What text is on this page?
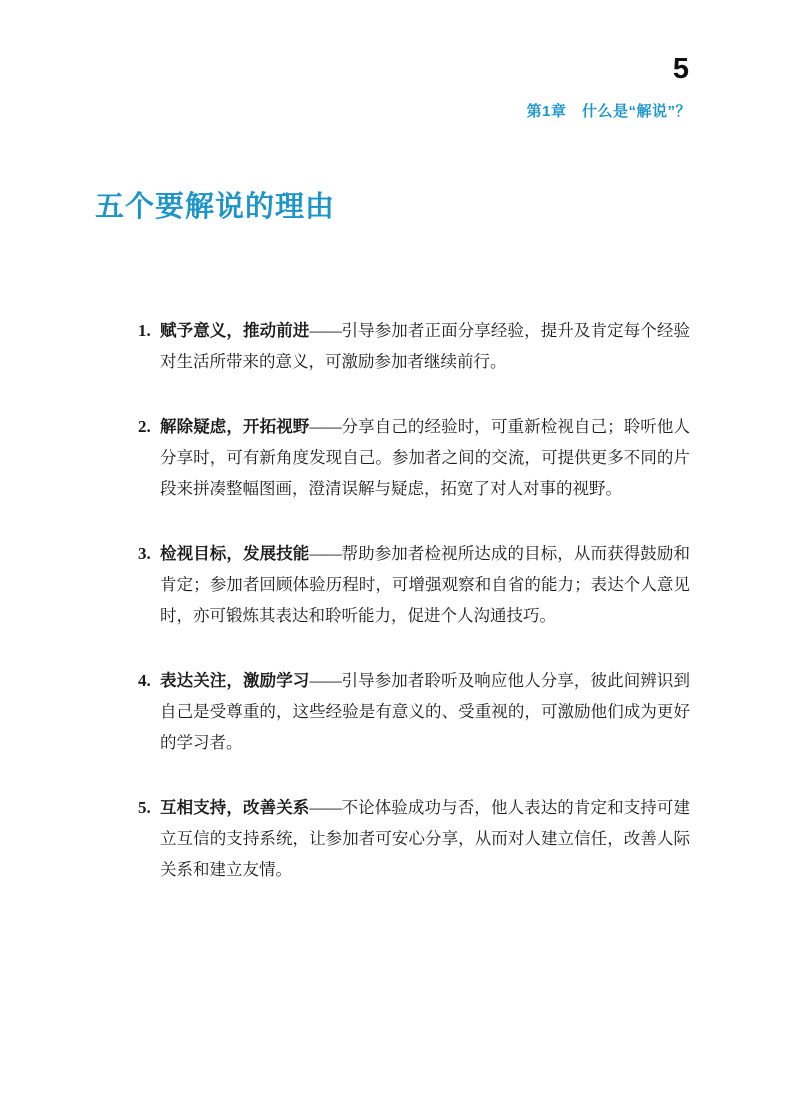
5
第1章　什么是“解说”？
五个要解说的理由
1. 赋予意义，推动前进——引导参加者正面分享经验，提升及肯定每个经验对生活所带来的意义，可激励参加者继续前行。

2. 解除疑虑，开拓视野——分享自己的经验时，可重新检视自己；聆听他人分享时，可有新角度发现自己。参加者之间的交流，可提供更多不同的片段来拼凑整幅图画，澄清误解与疑虑，拓宽了对人对事的视野。

3. 检视目标，发展技能——帮助参加者检视所达成的目标，从而获得鼓励和肯定；参加者回顾体验历程时，可增强观察和自省的能力；表达个人意见时，亦可锻炼其表达和聆听能力，促进个人沟通技巧。

4. 表达关注，激励学习——引导参加者聆听及响应他人分享，彼此间辨识到自己是受尊重的，这些经验是有意义的、受重视的，可激励他们成为更好的学习者。

5. 互相支持，改善关系——不论体验成功与否，他人表达的肯定和支持可建立互信的支持系统，让参加者可安心分享，从而对人建立信任，改善人际关系和建立友情。
